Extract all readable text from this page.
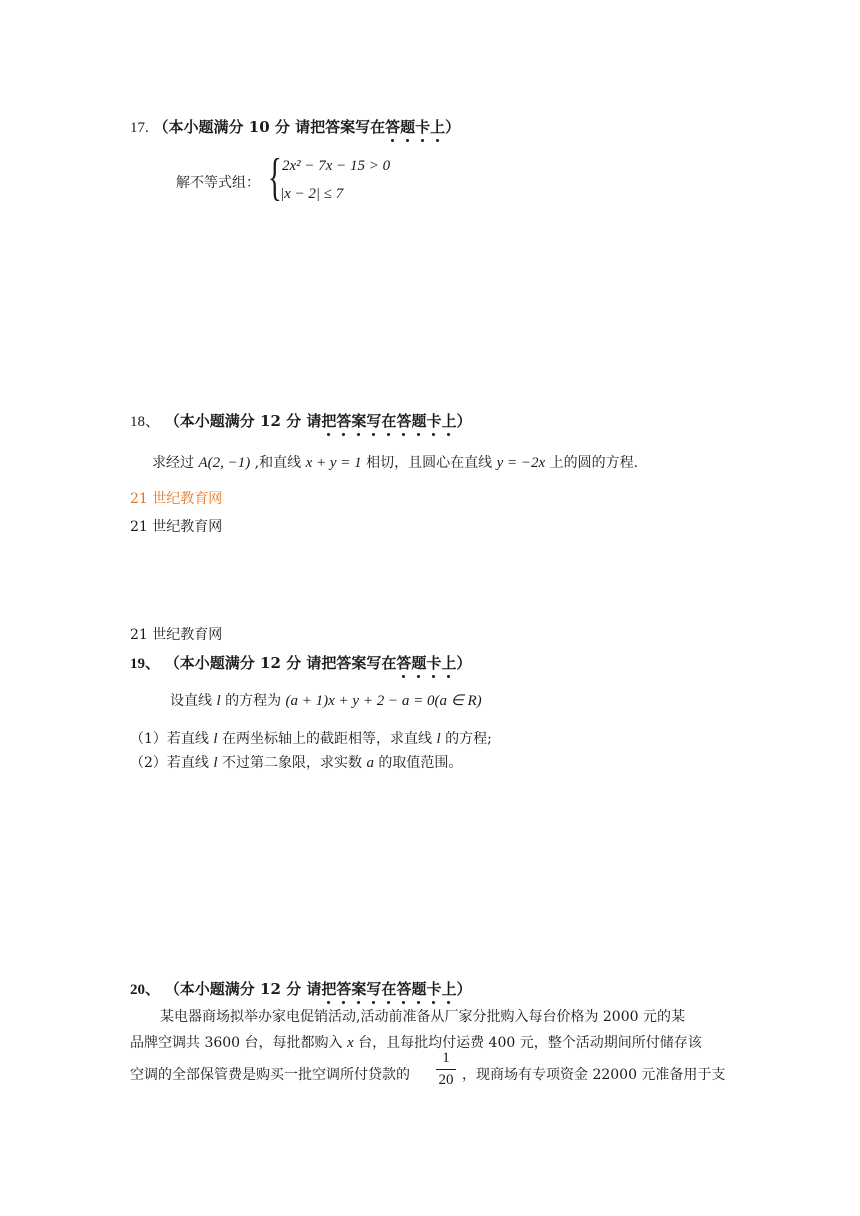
17. （本小题满分 10 分 请把答案写在答题卡上）
解不等式组： { 2x² − 7x − 15 > 0
|x − 2| ≤ 7
18、 （本小题满分 12 分 请把答案写在答题卡上）
求经过 A(2, −1) ,和直线 x + y = 1 相切，且圆心在直线 y = −2x 上的圆的方程.
21 世纪教育网
21 世纪教育网
21 世纪教育网
19、 （本小题满分 12 分 请把答案写在答题卡上）
设直线 l 的方程为 (a + 1)x + y + 2 − a = 0(a ∈ R)
（1）若直线 l 在两坐标轴上的截距相等，求直线 l 的方程;
（2）若直线 l 不过第二象限，求实数 a 的取值范围。
20、 （本小题满分 12 分 请把答案写在答题卡上）
某电器商场拟举办家电促销活动,活动前准备从厂家分批购入每台价格为 2000 元的某
品牌空调共 3600 台，每批都购入 x 台，且每批均付运费 400 元，整个活动期间所付储存该
空调的全部保管费是购买一批空调所付贷款的
1
20 ，现商场有专项资金 22000 元准备用于支
